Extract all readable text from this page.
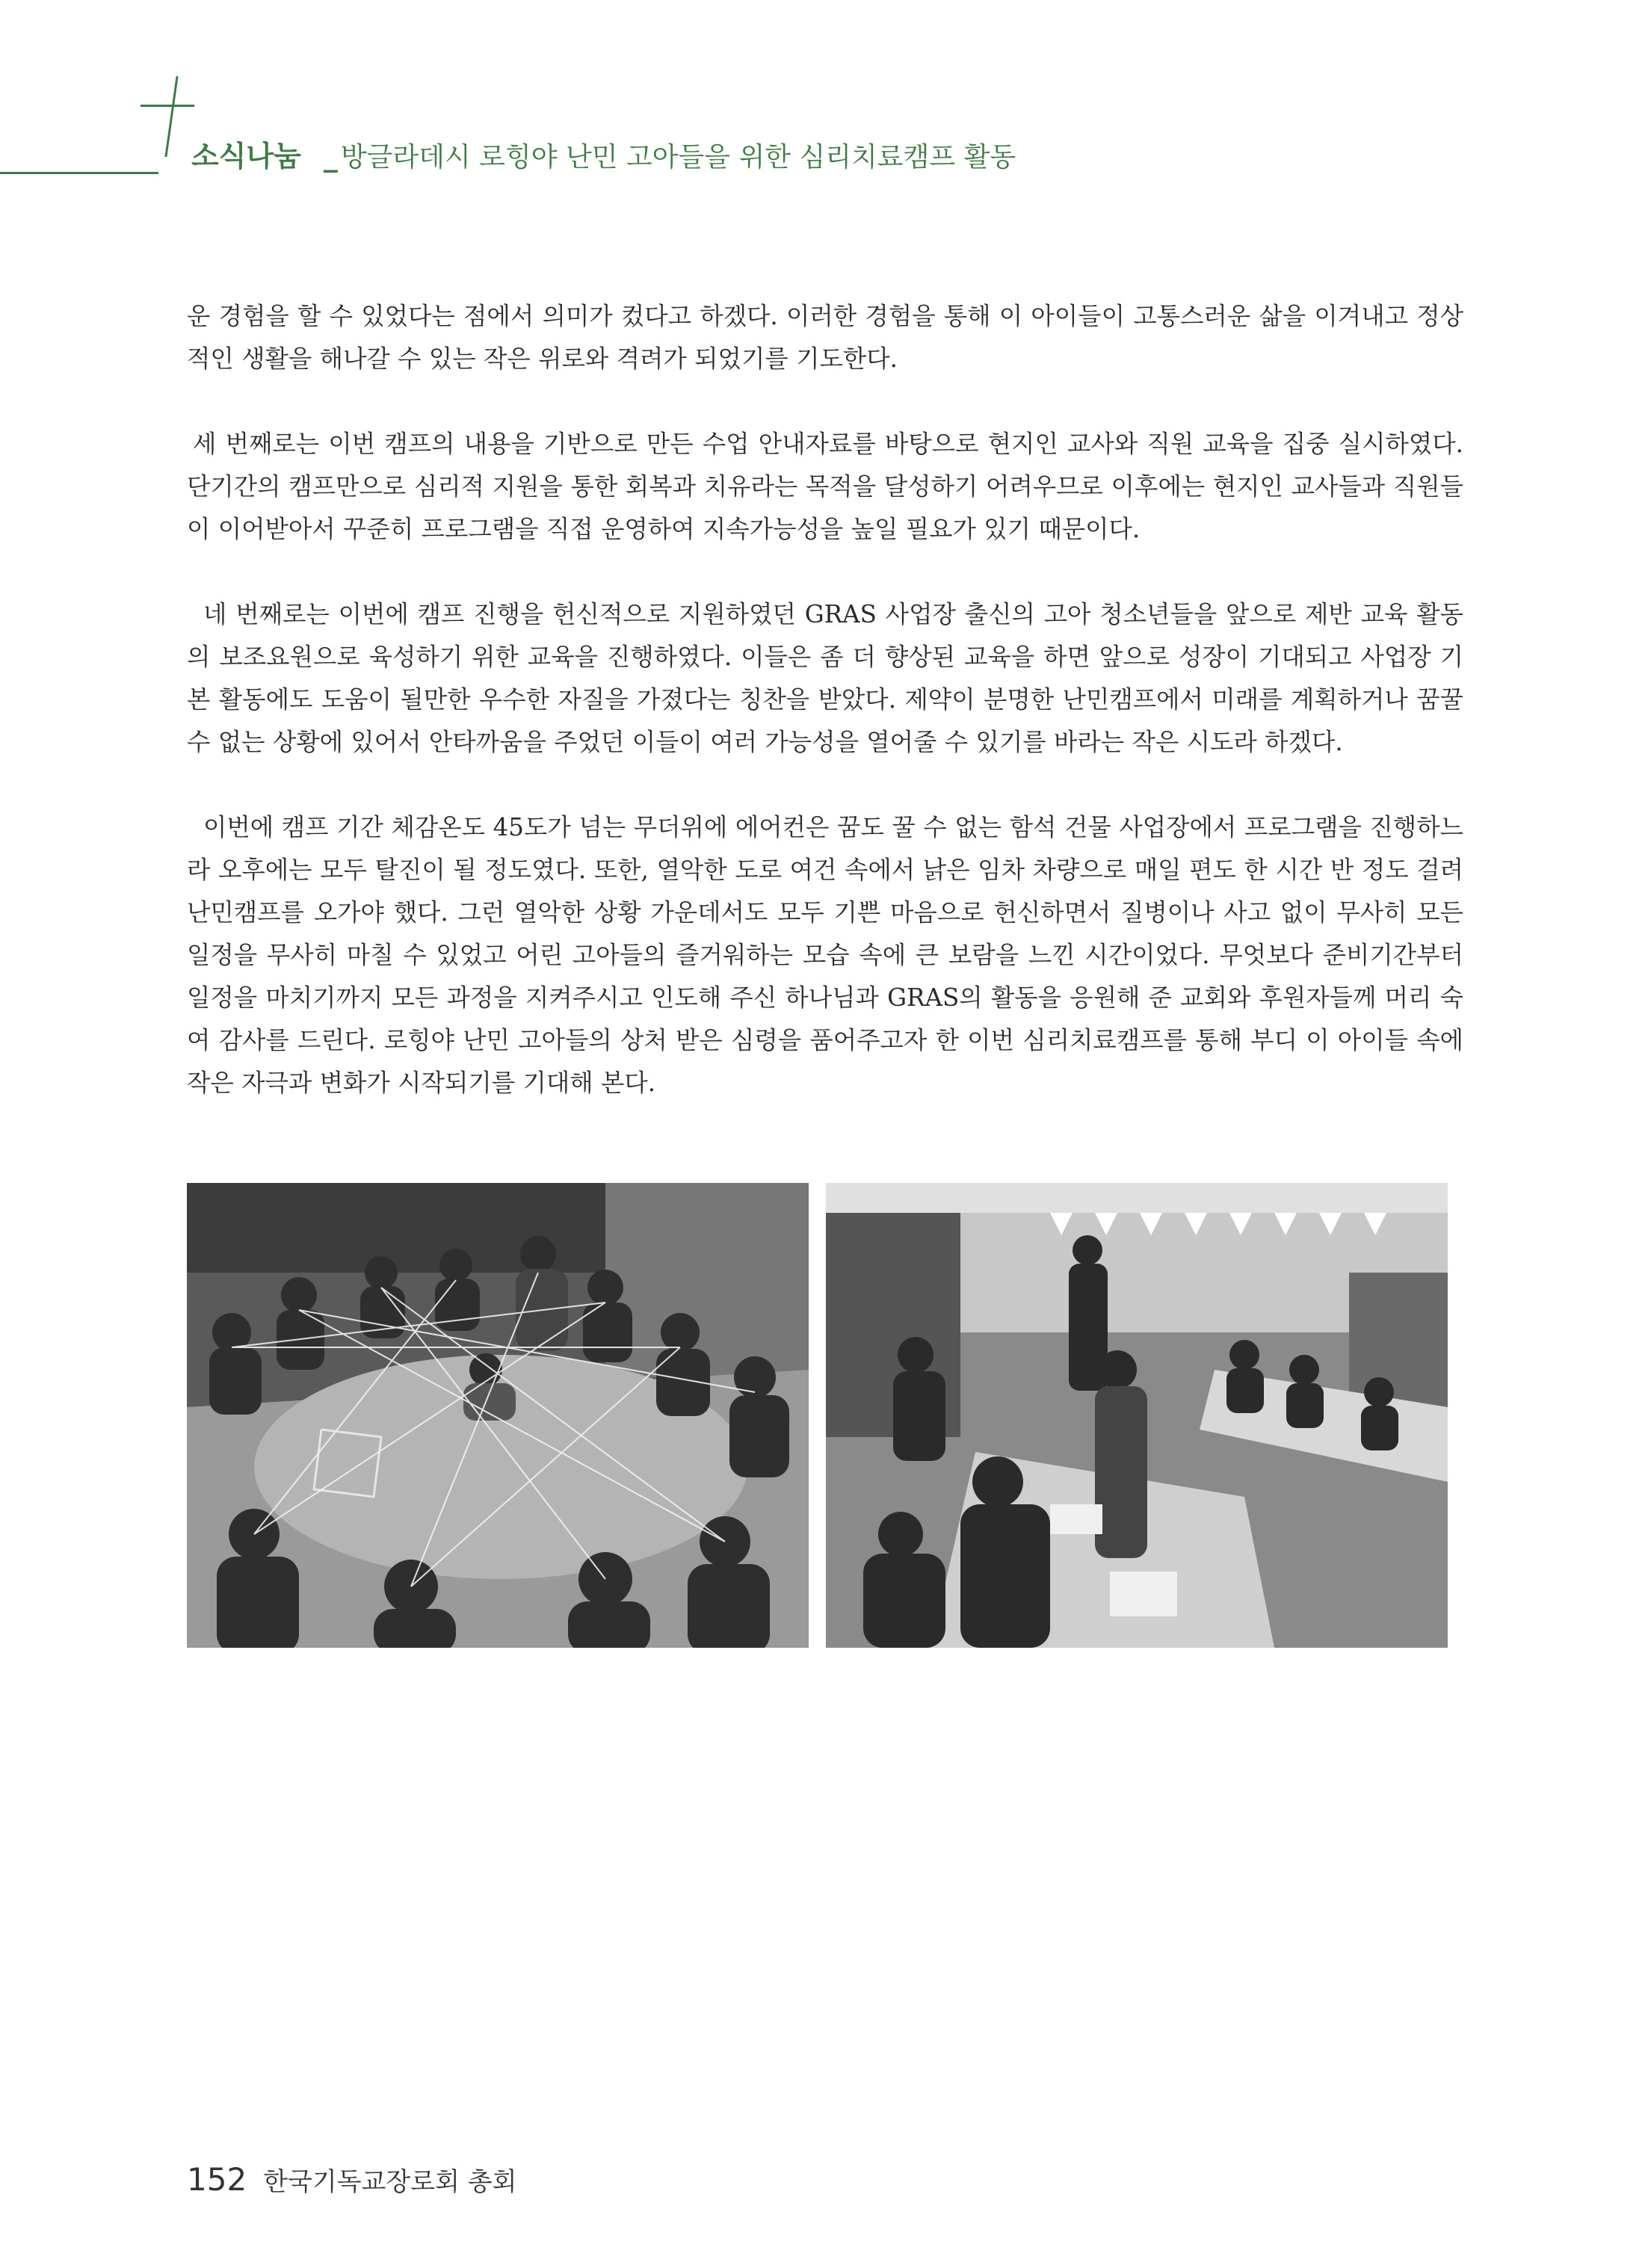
소식나눔 _ 방글라데시 로힝야 난민 고아들을 위한 심리치료캠프 활동

운 경험을 할 수 있었다는 점에서 의미가 컸다고 하겠다. 이러한 경험을 통해 이 아이들이 고통스러운 삶을 이겨내고 정상적인 생활을 해나갈 수 있는 작은 위로와 격려가 되었기를 기도한다.

세 번째로는 이번 캠프의 내용을 기반으로 만든 수업 안내자료를 바탕으로 현지인 교사와 직원 교육을 집중 실시하였다. 단기간의 캠프만으로 심리적 지원을 통한 회복과 치유라는 목적을 달성하기 어려우므로 이후에는 현지인 교사들과 직원들이 이어받아서 꾸준히 프로그램을 직접 운영하여 지속가능성을 높일 필요가 있기 때문이다.

네 번째로는 이번에 캠프 진행을 헌신적으로 지원하였던 GRAS 사업장 출신의 고아 청소년들을 앞으로 제반 교육 활동의 보조요원으로 육성하기 위한 교육을 진행하였다. 이들은 좀 더 향상된 교육을 하면 앞으로 성장이 기대되고 사업장 기본 활동에도 도움이 될만한 우수한 자질을 가졌다는 칭찬을 받았다. 제약이 분명한 난민캠프에서 미래를 계획하거나 꿈꿀 수 없는 상황에 있어서 안타까움을 주었던 이들이 여러 가능성을 열어줄 수 있기를 바라는 작은 시도라 하겠다.

이번에 캠프 기간 체감온도 45도가 넘는 무더위에 에어컨은 꿈도 꿀 수 없는 함석 건물 사업장에서 프로그램을 진행하느라 오후에는 모두 탈진이 될 정도였다. 또한, 열악한 도로 여건 속에서 낡은 임차 차량으로 매일 편도 한 시간 반 정도 걸려 난민캠프를 오가야 했다. 그런 열악한 상황 가운데서도 모두 기쁜 마음으로 헌신하면서 질병이나 사고 없이 무사히 모든 일정을 무사히 마칠 수 있었고 어린 고아들의 즐거워하는 모습 속에 큰 보람을 느낀 시간이었다. 무엇보다 준비기간부터 일정을 마치기까지 모든 과정을 지켜주시고 인도해 주신 하나님과 GRAS의 활동을 응원해 준 교회와 후원자들께 머리 숙여 감사를 드린다. 로힝야 난민 고아들의 상처 받은 심령을 품어주고자 한 이번 심리치료캠프를 통해 부디 이 아이들 속에 작은 자극과 변화가 시작되기를 기대해 본다.

152 한국기독교장로회 총회
